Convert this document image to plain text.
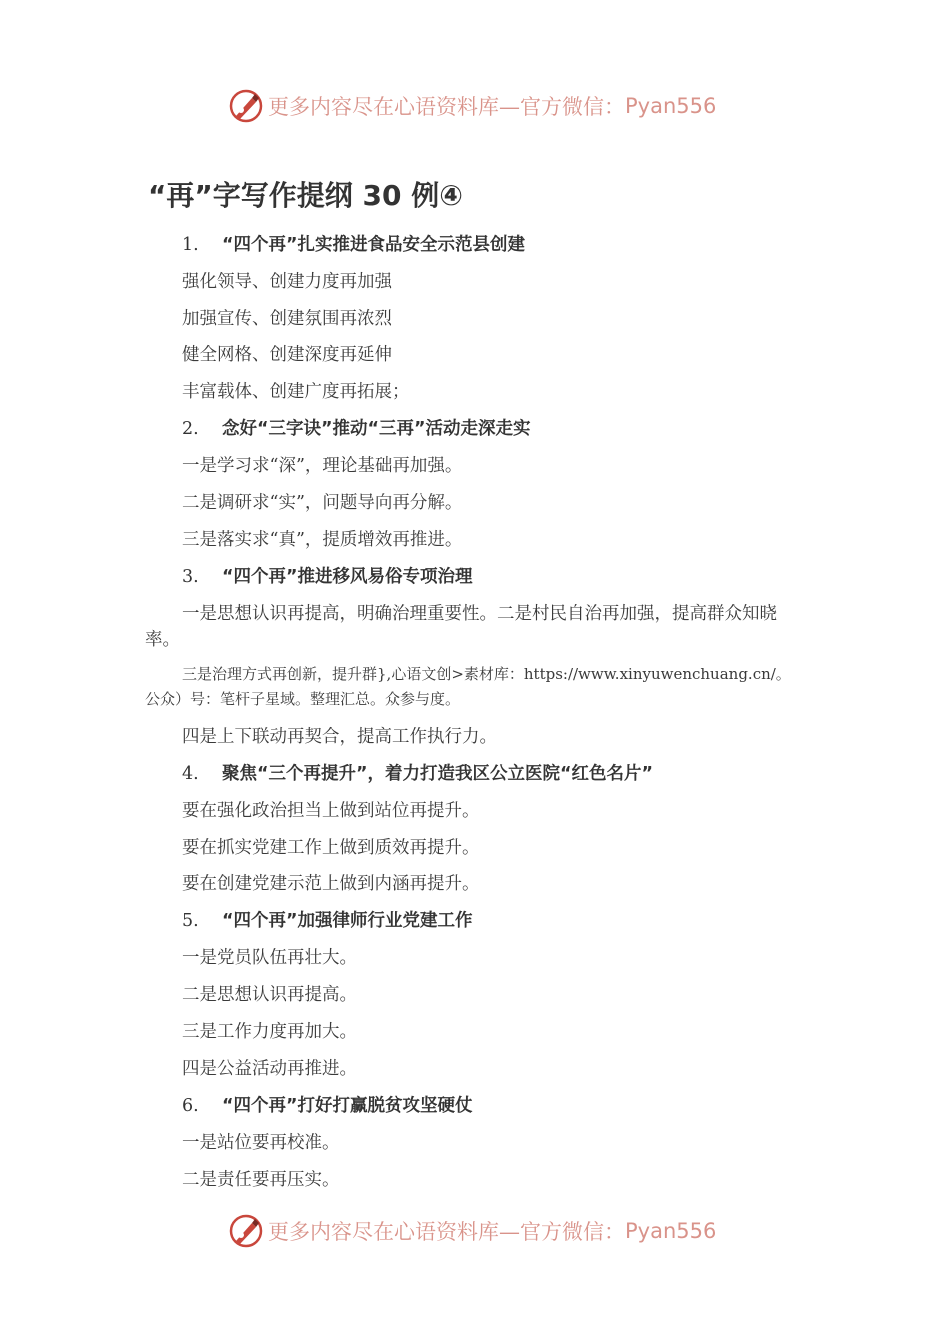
更多内容尽在心语资料库—官方微信： Pyan556
“再”字写作提纲 30 例④
1. “四个再”扎实推进食品安全示范县创建
强化领导、创建力度再加强
加强宣传、创建氛围再浓烈
健全网格、创建深度再延伸
丰富载体、创建广度再拓展；
2. 念好“三字诀”推动“三再”活动走深走实
一是学习求“深”，理论基础再加强。
二是调研求“实”，问题导向再分解。
三是落实求“真”，提质增效再推进。
3. “四个再”推进移风易俗专项治理
一是思想认识再提高，明确治理重要性。二是村民自治再加强，提高群众知晓率。
三是治理方式再创新，提升群},心语文创>素材库：https://www.xinyuwenchuang.cn/。公众）号：笔杆子星域。整理汇总。众参与度。
四是上下联动再契合，提高工作执行力。
4. 聚焦“三个再提升”，着力打造我区公立医院“红色名片”
要在强化政治担当上做到站位再提升。
要在抓实党建工作上做到质效再提升。
要在创建党建示范上做到内涵再提升。
5. “四个再”加强律师行业党建工作
一是党员队伍再壮大。
二是思想认识再提高。
三是工作力度再加大。
四是公益活动再推进。
6. “四个再”打好打赢脱贫攻坚硬仗
一是站位要再校准。
二是责任要再压实。
更多内容尽在心语资料库—官方微信： Pyan556
